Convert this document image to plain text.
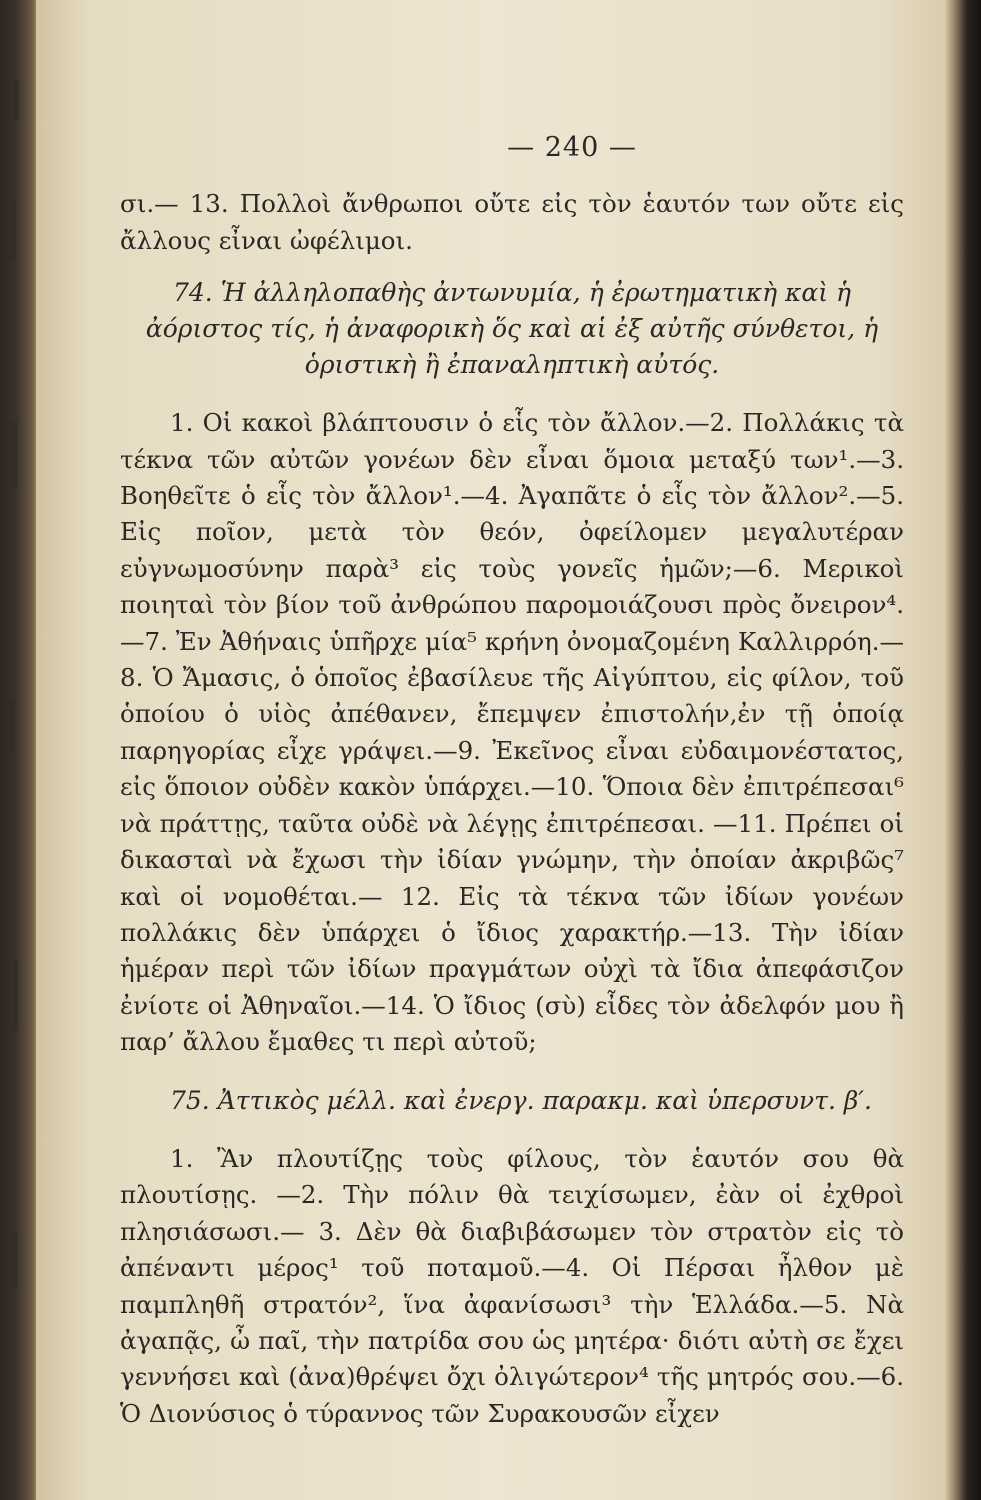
— 240 —

σι.— 13. Πολλοὶ ἄνθρωποι οὔτε εἰς τὸν ἑαυτόν των οὔτε εἰς ἄλλους εἶναι ὠφέλιμοι.

74. Ἡ ἀλληλοπαθὴς ἀντωνυμία, ἡ ἐρωτηματικὴ καὶ ἡ ἀόριστος τίς, ἡ ἀναφορικὴ ὅς καὶ αἱ ἐξ αὐτῆς σύνθετοι, ἡ ὁριστικὴ ἢ ἐπαναληπτικὴ αὐτός.

1. Οἱ κακοὶ βλάπτουσιν ὁ εἷς τὸν ἄλλον.—2. Πολλάκις τὰ τέκνα τῶν αὐτῶν γονέων δὲν εἶναι ὅμοια μεταξύ των¹.—3. Βοηθεῖτε ὁ εἷς τὸν ἄλλον¹.—4. Ἀγαπᾶτε ὁ εἷς τὸν ἄλλον².—5. Εἰς ποῖον, μετὰ τὸν θεόν, ὀφείλομεν μεγαλυτέραν εὐγνωμοσύνην παρὰ³ εἰς τοὺς γονεῖς ἡμῶν;—6. Μερικοὶ ποιηταὶ τὸν βίον τοῦ ἀνθρώπου παρομοιάζουσι πρὸς ὄνειρον⁴.—7. Ἐν Ἀθήναις ὑπῆρχε μία⁵ κρήνη ὀνομαζομένη Καλλιρρόη.—8. Ὁ Ἄμασις, ὁ ὁποῖος ἐβασίλευε τῆς Αἰγύπτου, εἰς φίλον, τοῦ ὁποίου ὁ υἱὸς ἀπέθανεν, ἔπεμψεν ἐπιστολήν,ἐν τῇ ὁποίᾳ παρηγορίας εἶχε γράψει.—9. Ἐκεῖνος εἶναι εὐδαιμονέστατος, εἰς ὅποιον οὐδὲν κακὸν ὑπάρχει.—10. Ὅποια δὲν ἐπιτρέπεσαι⁶ νὰ πράττῃς, ταῦτα οὐδὲ νὰ λέγῃς ἐπιτρέπεσαι. —11. Πρέπει οἱ δικασταὶ νὰ ἔχωσι τὴν ἰδίαν γνώμην, τὴν ὁποίαν ἀκριβῶς⁷ καὶ οἱ νομοθέται.— 12. Εἰς τὰ τέκνα τῶν ἰδίων γονέων πολλάκις δὲν ὑπάρχει ὁ ἴδιος χαρακτήρ.—13. Τὴν ἰδίαν ἡμέραν περὶ τῶν ἰδίων πραγμάτων οὐχὶ τὰ ἴδια ἀπεφάσιζον ἐνίοτε οἱ Ἀθηναῖοι.—14. Ὁ ἴδιος (σὺ) εἶδες τὸν ἀδελφόν μου ἢ παρ’ ἄλλου ἔμαθες τι περὶ αὐτοῦ;

75. Ἀττικὸς μέλλ. καὶ ἐνεργ. παρακμ. καὶ ὑπερσυντ. β′.

1. Ἂν πλουτίζῃς τοὺς φίλους, τὸν ἑαυτόν σου θὰ πλουτίσῃς. —2. Τὴν πόλιν θὰ τειχίσωμεν, ἐὰν οἱ ἐχθροὶ πλησιάσωσι.— 3. Δὲν θὰ διαβιβάσωμεν τὸν στρατὸν εἰς τὸ ἀπέναντι μέρος¹ τοῦ ποταμοῦ.—4. Οἱ Πέρσαι ἦλθον μὲ παμπληθῆ στρατόν², ἵνα ἀφανίσωσι³ τὴν Ἑλλάδα.—5. Νὰ ἀγαπᾷς, ὦ παῖ, τὴν πατρίδα σου ὡς μητέρα· διότι αὐτὴ σε ἔχει γεννήσει καὶ (ἀνα)θρέψει ὄχι ὀλιγώτερον⁴ τῆς μητρός σου.—6. Ὁ Διονύσιος ὁ τύραννος τῶν Συρακουσῶν εἶχεν
